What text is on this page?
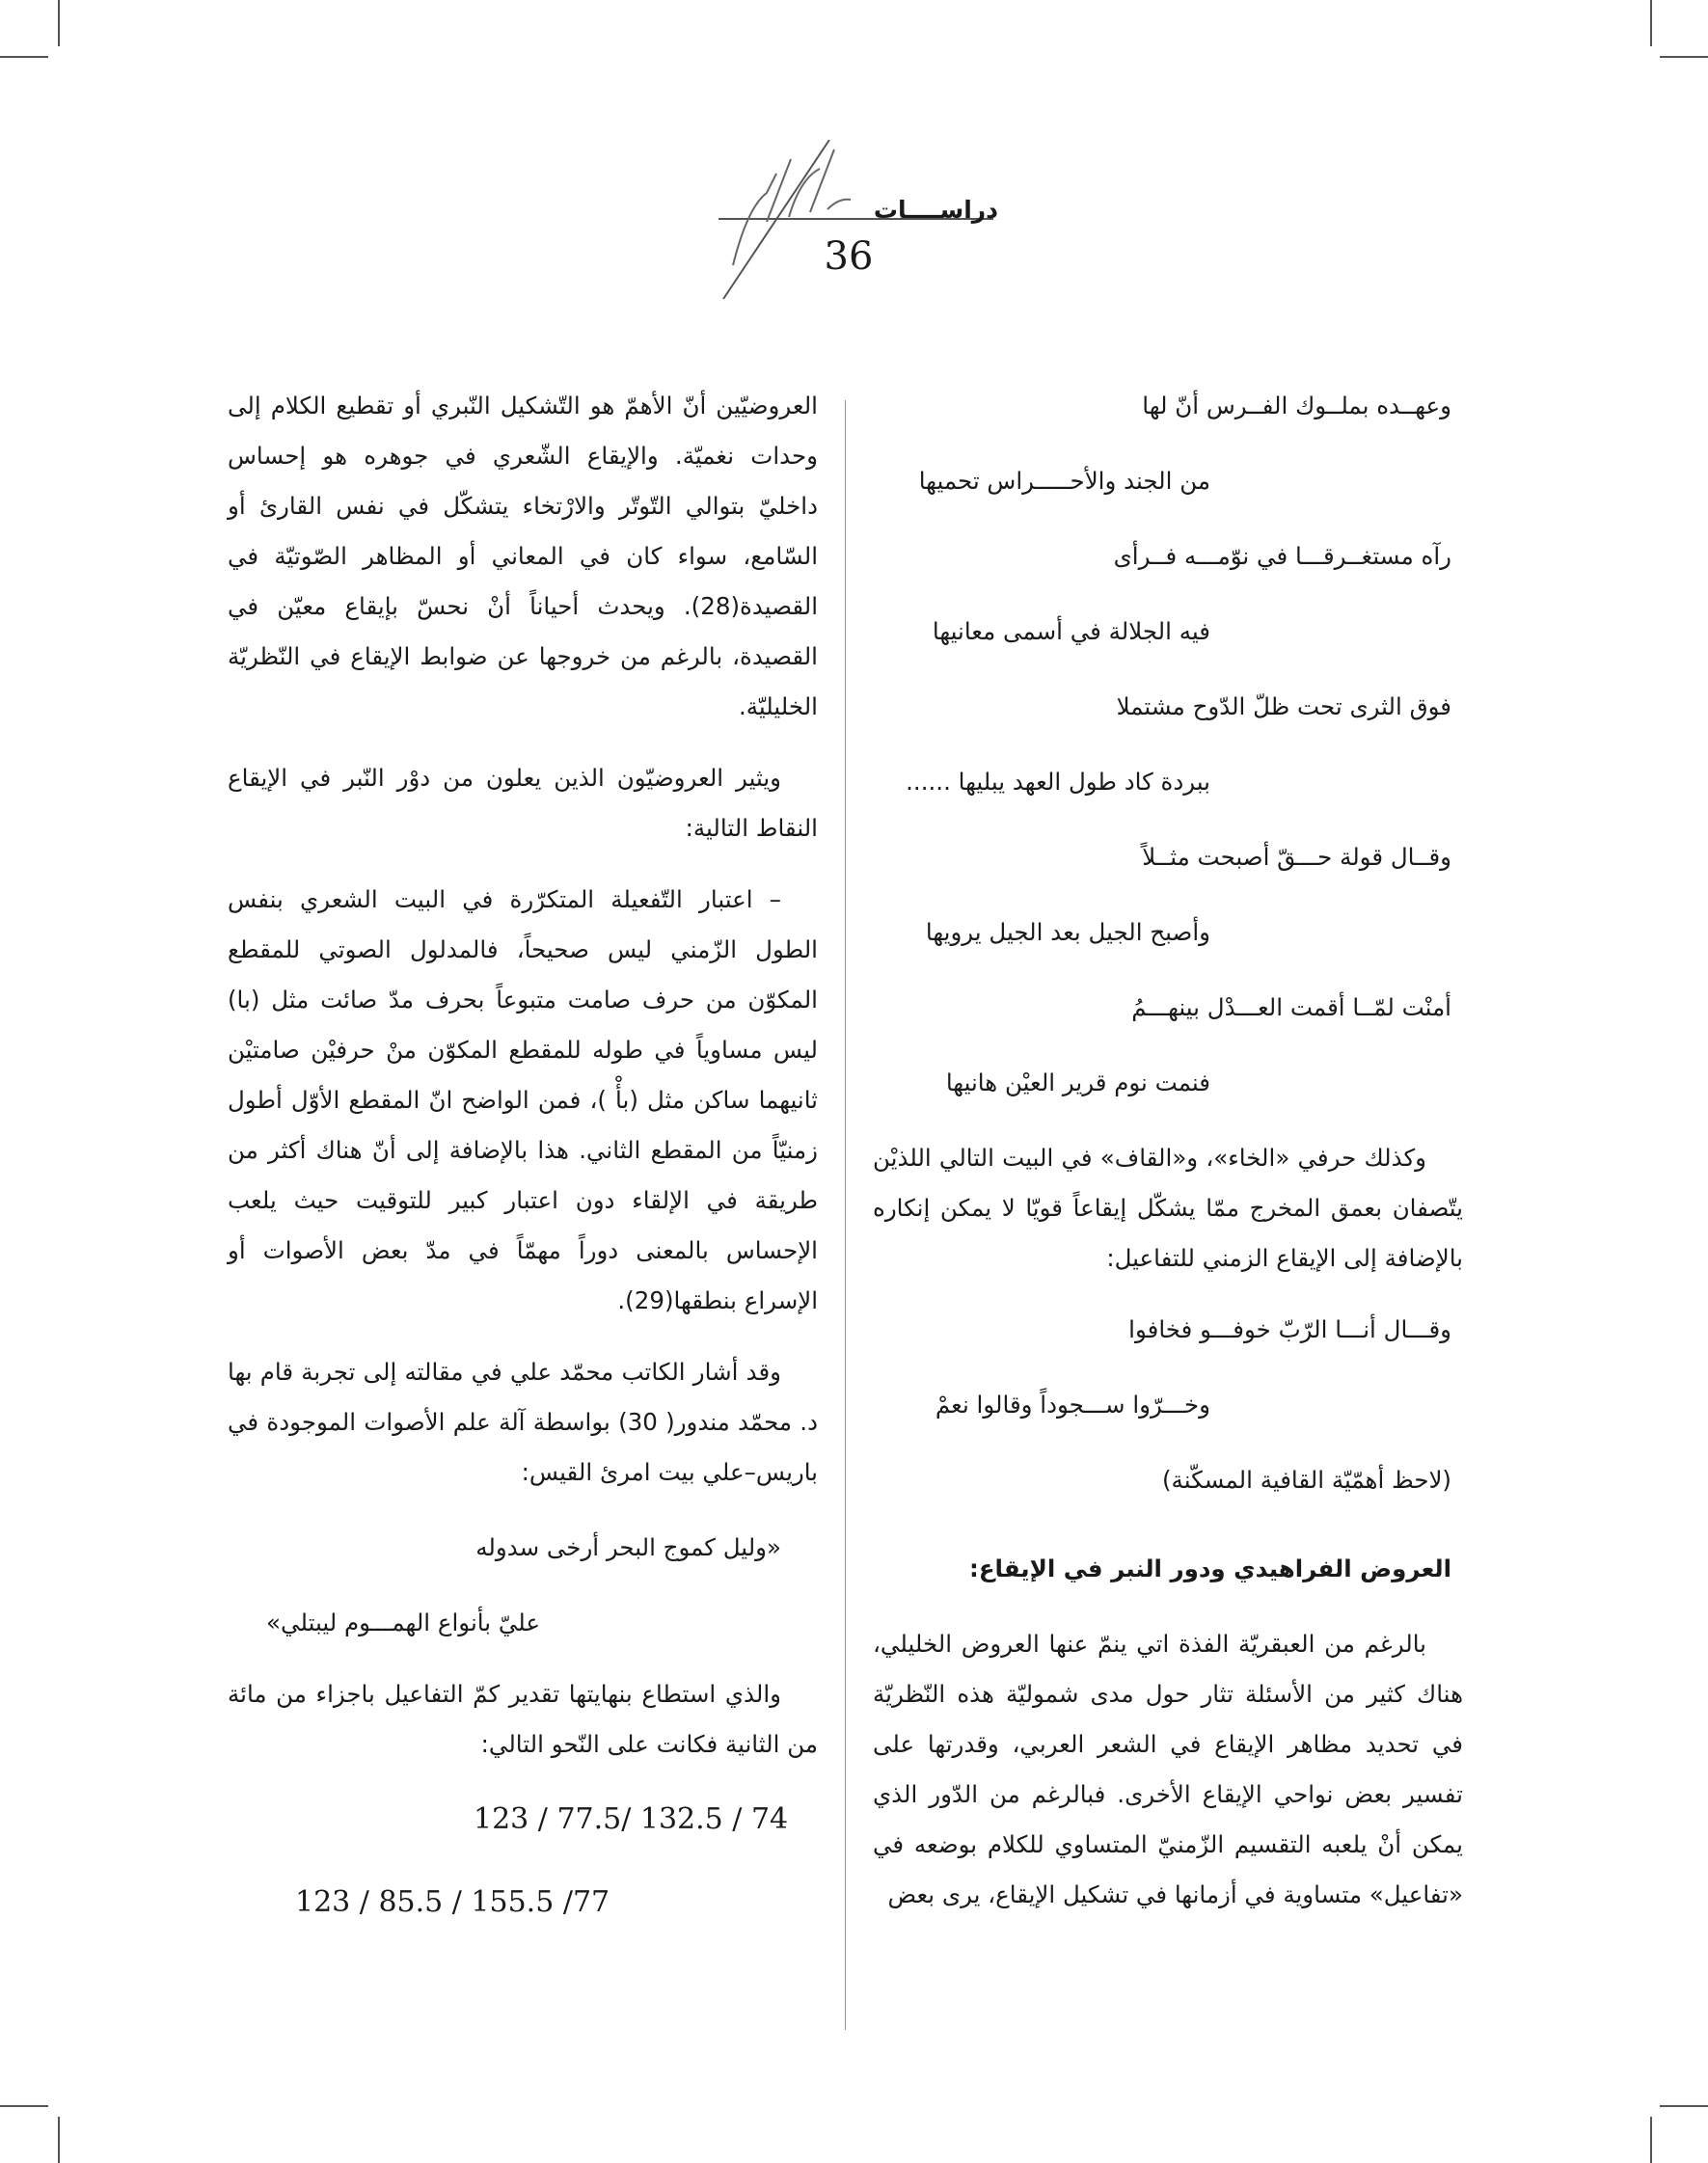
دراســــات
36

وعهــده بملــوك الفــرس أنّ لها

من الجند والأحـــــراس تحميها

رآه مستغــرقـــا في نوّمـــه فــرأى

فيه الجلالة في أسمى معانيها

فوق الثرى تحت ظلّ الدّوح مشتملا

ببردة كاد طول العهد يبليها ......

وقــال قولة حـــقّ أصبحت مثــلاً

وأصبح الجيل بعد الجيل يرويها

أمنْت لمّــا أقمت العـــدْل بينهـــمُ

فنمت نوم قرير العيْن هانيها

وكذلك حرفي «الخاء»، و«القاف» في البيت التالي اللذيْن يتّصفان بعمق المخرج ممّا يشكّل إيقاعاً قويّا لا يمكن إنكاره بالإضافة إلى الإيقاع الزمني للتفاعيل:

وقـــال أنـــا الرّبّ خوفـــو فخافوا

وخـــرّوا ســـجوداً وقالوا نعمْ

(لاحظ أهمّيّة القافية المسكّنة)

العروض الفراهيدي ودور النبر في الإيقاع:

بالرغم من العبقريّة الفذة اتي ينمّ عنها العروض الخليلي، هناك كثير من الأسئلة تثار حول مدى شموليّة هذه النّظريّة في تحديد مظاهر الإيقاع في الشعر العربي، وقدرتها على تفسير بعض نواحي الإيقاع الأخرى. فبالرغم من الدّور الذي يمكن أنْ يلعبه التقسيم الزّمنيّ المتساوي للكلام بوضعه في «تفاعيل» متساوية في أزمانها في تشكيل الإيقاع، يرى بعض

العروضيّين أنّ الأهمّ هو التّشكيل النّبري أو تقطيع الكلام إلى وحدات نغميّة. والإيقاع الشّعري في جوهره هو إحساس داخليّ بتوالي التّوتّر والارْتخاء يتشكّل في نفس القارئ أو السّامع، سواء كان في المعاني أو المظاهر الصّوتيّة في القصيدة(28). ويحدث أحياناً أنْ نحسّ بإيقاع معيّن في القصيدة، بالرغم من خروجها عن ضوابط الإيقاع في النّظريّة الخليليّة.

ويثير العروضيّون الذين يعلون من دوْر النّبر في الإيقاع النقاط التالية:

– اعتبار التّفعيلة المتكرّرة في البيت الشعري بنفس الطول الزّمني ليس صحيحاً، فالمدلول الصوتي للمقطع المكوّن من حرف صامت متبوعاً بحرف مدّ صائت مثل (با) ليس مساوياً في طوله للمقطع المكوّن منْ حرفيْن صامتيْن ثانيهما ساكن مثل (بأْ )، فمن الواضح انّ المقطع الأوّل أطول زمنيّاً من المقطع الثاني. هذا بالإضافة إلى أنّ هناك أكثر من طريقة في الإلقاء دون اعتبار كبير للتوقيت حيث يلعب الإحساس بالمعنى دوراً مهمّاً في مدّ بعض الأصوات أو الإسراع بنطقها(29).

وقد أشار الكاتب محمّد علي في مقالته إلى تجربة قام بها د. محمّد مندور( 30) بواسطة آلة علم الأصوات الموجودة في باريس–علي بيت امرئ القيس:

«وليل كموج البحر أرخى سدوله

عليّ بأنواع الهمـــوم ليبتلي»

والذي استطاع بنهايتها تقدير كمّ التفاعيل باجزاء من مائة من الثانية فكانت على النّحو التالي:

123 / 77.5/ 132.5 / 74

123 / 85.5 / 155.5 /77
